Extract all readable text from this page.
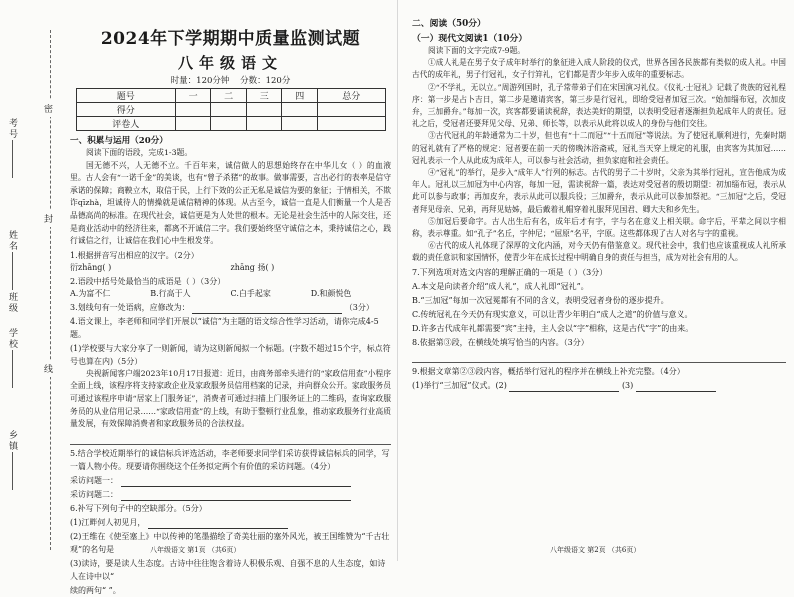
考号
姓名
班级
学校
乡镇
密
封
线
2024年下学期期中质量监测试题
八年级语文
时量：120分钟 分数：120分
题号	一	二	三	四	总分
得分					
评卷人					
一、积累与运用（20分）

阅读下面的语段，完成1-3题。

国无德不兴，人无德不立。千百年来，诚信做人的思想始终存在中华儿女（ ）的血液里。古人会有“一诺千金”的美谈，也有“曾子杀猪”的故事。做事需要，言出必行的表率是信守承诺的保障；商鞅立木，取信于民，上行下效的公正无私是诚信为要的象征；于情相关，不欺诈qīzhà，坦诚待人的情操就是诚信精神的体现。从古至今，诚信一直是人们衡量一个人是否品德高尚的标准。在现代社会，诚信更是为人处世的根本。无论是社会生活中的人际交往，还是商业活动中的经济往来，都离不开诚信二字。我们要始终坚守诚信之本，秉持诚信之心，践行诚信之行，让诚信在我们心中生根发芽。

1.根据拼音写出相应的汉字。（2分）
衍zhāng( )	zhāng 扬( )
2.语段中括号处最恰当的成语是（ ）（3分）
A.为富不仁	B.行高于人	C.白手起家	D.和颜悦色
3.划线句有一处语病，应修改为：	（3分）
4.语文课上，李老师和同学们开展以“诚信”为主题的语文综合性学习活动，请你完成4-5题。
(1)学校要与大家分享了一则新闻，请为这则新闻拟一个标题。(字数不超过15个字，标点符号也算在内)（5分）

央视新闻客户端2023年10月17日报道：近日，由商务部牵头进行的“家政信用查”小程序全面上线，该程序将支持家政企业及家政服务员信用档案的记录，并向群众公开。家政服务员可通过该程序申请“居家上门服务证”，消费者可通过扫描上门服务证上的二维码，查询家政服务员的从业信用记录……“家政信用查”的上线，有助于整顿行业乱象，推动家政服务行业高质量发展，有效保障消费者和家政服务员的合法权益。

5.结合学校近期举行的诚信标兵评选活动，李老师要求同学们采访获得诚信标兵的同学，写一篇人物小传。现要请你围绕这个任务拟定两个有价值的采访问题。（4分）
采访问题一：
采访问题二：
6.补写下列句子中的空缺部分。（5分）
(1)江畔何人初见月，
(2)王维在《使至塞上》中以传神的笔墨描绘了奇美壮丽的塞外风光，被王国维赞为“千古壮观”的名句是
(3)读诗，要是读人生态度。古诗中往往饱含着诗人积极乐观、自强不息的人生态度，如诗人在诗中以“
续的两句“ ”。
八年级语文 第1页 （共6页）
二、阅读（50分）
（一）现代文阅读1（10分）

阅读下面的文字完成7-9题。

①成人礼是在男子女子成年时举行的象征进入成人阶段的仪式，世界各国各民族都有类似的成人礼。中国古代的成年礼，男子行冠礼，女子行笄礼，它们都是青少年步入成年的重要标志。

②“不学礼，无以立。”周游列国时，孔子常带弟子们在宋国演习礼仪。《仪礼·士冠礼》记载了贵族的冠礼程序：第一步是占卜吉日，第二步是邀请宾客，第三步是行冠礼，即给受冠者加冠三次。“始加缁布冠，次加皮弁，三加爵弁。”每加一次，宾客都要诵读祝辞，表达美好的期望，以表明受冠者逐渐担负起成年人的责任。冠礼之后，受冠者还要拜见父母、兄弟、师长等，以表示从此将以成人的身份与他们交往。

③古代冠礼的年龄通常为二十岁，但也有“十二而冠”“十五而冠”等说法。为了使冠礼顺利进行，先秦时期的冠礼就有了严格的规定：冠者要在前一天的傍晚沐浴斋戒，冠礼当天穿上规定的礼服，由宾客为其加冠……冠礼表示一个人从此成为成年人，可以参与社会活动，担负家庭和社会责任。

④“冠礼”的举行，是步入“成年人”行列的标志。古代的男子二十岁时，父亲为其举行冠礼，宣告他成为成年人。冠礼以三加冠为中心内容，每加一冠，需读祝辞一篇，表达对受冠者的殷切期望：初加缁布冠，表示从此可以参与政事；再加皮弁，表示从此可以服兵役；三加爵弁，表示从此可以参加祭祀。“三加冠”之后，受冠者拜见母亲、兄弟，再拜见姑姊，最后戴着礼帽穿着礼服拜见国君、卿大夫和乡先生。

⑤加冠后要命字。古人出生后有名，成年后才有字，字与名在意义上相关联。命字后，平辈之间以字相称，表示尊重。如“孔子”名丘，字仲尼；“屈原”名平，字原。这些都体现了古人对名与字的重视。

⑥古代的成人礼体现了深厚的文化内涵，对今天仍有借鉴意义。现代社会中，我们也应该重视成人礼所承载的责任意识和家国情怀，使青少年在成长过程中明确自身的责任与担当，成为对社会有用的人。

7.下列选项对选文内容的理解正确的一项是（ ）（3分）
A.本文是向读者介绍“成人礼”，成人礼即“冠礼”。
B.“三加冠”每加一次冠冕都有不同的含义，表明受冠者身份的逐步提升。
C.传统冠礼在今天仍有现实意义，可以让青少年明白“成人之道”的价值与意义。
D.许多古代成年礼都需要“宾”主持，主人会以“字”相称，这是古代“字”的由来。
8.依据第③段，在横线处填写恰当的内容。（3分）
9.根据文章第②③段内容，概括举行冠礼的程序并在横线上补充完整。（4分）
(1)举行“三加冠”仪式。(2)	(3)
八年级语文 第2页 （共6页）
